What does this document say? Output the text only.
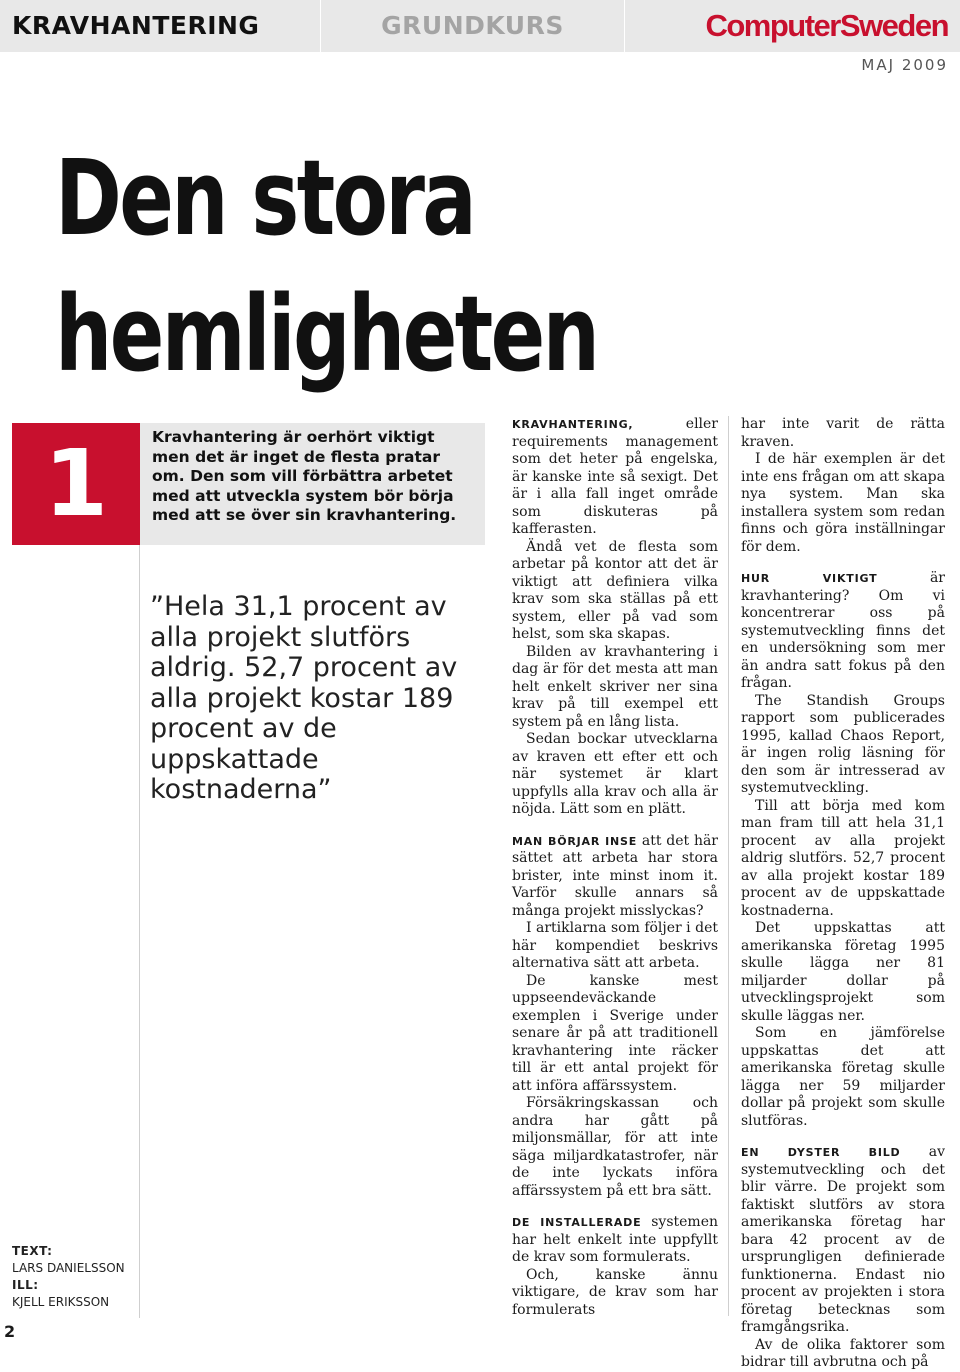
KRAVHANTERING	GRUNDKURS	ComputerSweden
MAJ 2009
Den stora
hemligheten
1
TEXT:
LARS DANIELSSON
ILL:
KJELL ERIKSSON
2
Kravhantering är oerhört viktigt men det är inget de flesta pratar om. Den som vill förbättra arbetet med att utveckla system bör börja med att se över sin kravhantering.
”Hela 31,1 procent av alla projekt slutförs aldrig. 52,7 procent av alla projekt kostar 189 procent av de uppskattade kostnaderna”

KRAVHANTERING, eller requirements management som det heter på engelska, är kanske inte så sexigt. Det är i alla fall inget område som diskuteras på kafferasten.

Ändå vet de flesta som arbetar på kontor att det är viktigt att definiera vilka krav som ska ställas på ett system, eller på vad som helst, som ska skapas.

Bilden av kravhantering i dag är för det mesta att man helt enkelt skriver ner sina krav på till exempel ett system på en lång lista.

Sedan bockar utvecklarna av kraven ett efter ett och när systemet är klart uppfylls alla krav och alla är nöjda. Lätt som en plätt.

MAN BÖRJAR INSE att det här sättet att arbeta har stora brister, inte minst inom it. Varför skulle annars så många projekt misslyckas?

I artiklarna som följer i det här kompendiet beskrivs alternativa sätt att arbeta.

De kanske mest uppseendeväckande exemplen i Sverige under senare år på att traditionell kravhantering inte räcker till är ett antal projekt för att införa affärssystem.

Försäkringskassan och andra har gått på miljonsmällar, för att inte säga miljardkatastrofer, när de inte lyckats införa affärssystem på ett bra sätt.

DE INSTALLERADE systemen har helt enkelt inte uppfyllt de krav som formulerats.

Och, kanske ännu viktigare, de krav som har formulerats

har inte varit de rätta kraven.

I de här exemplen är det inte ens frågan om att skapa nya system. Man ska installera system som redan finns och göra inställningar för dem.

HUR VIKTIGT är kravhantering? Om vi koncentrerar oss på systemutveckling finns det en undersökning som mer än andra satt fokus på den frågan.

The Standish Groups rapport som publicerades 1995, kallad Chaos Report, är ingen rolig läsning för den som är intresserad av systemutveckling.

Till att börja med kom man fram till att hela 31,1 procent av alla projekt aldrig slutförs. 52,7 procent av alla projekt kostar 189 procent av de uppskattade kostnaderna.

Det uppskattas att amerikanska företag 1995 skulle lägga ner 81 miljarder dollar på utvecklingsprojekt som skulle läggas ner.

Som en jämförelse uppskattas det att amerikanska företag skulle lägga ner 59 miljarder dollar på projekt som skulle slutföras.

EN DYSTER BILD av systemutveckling och det blir värre. De projekt som faktiskt slutförs av stora amerikanska företag har bara 42 procent av de ursprungligen definierade funktionerna. Endast nio procent av projekten i stora företag betecknas som framgångsrika.

Av de olika faktorer som bidrar till avbrutna och på
